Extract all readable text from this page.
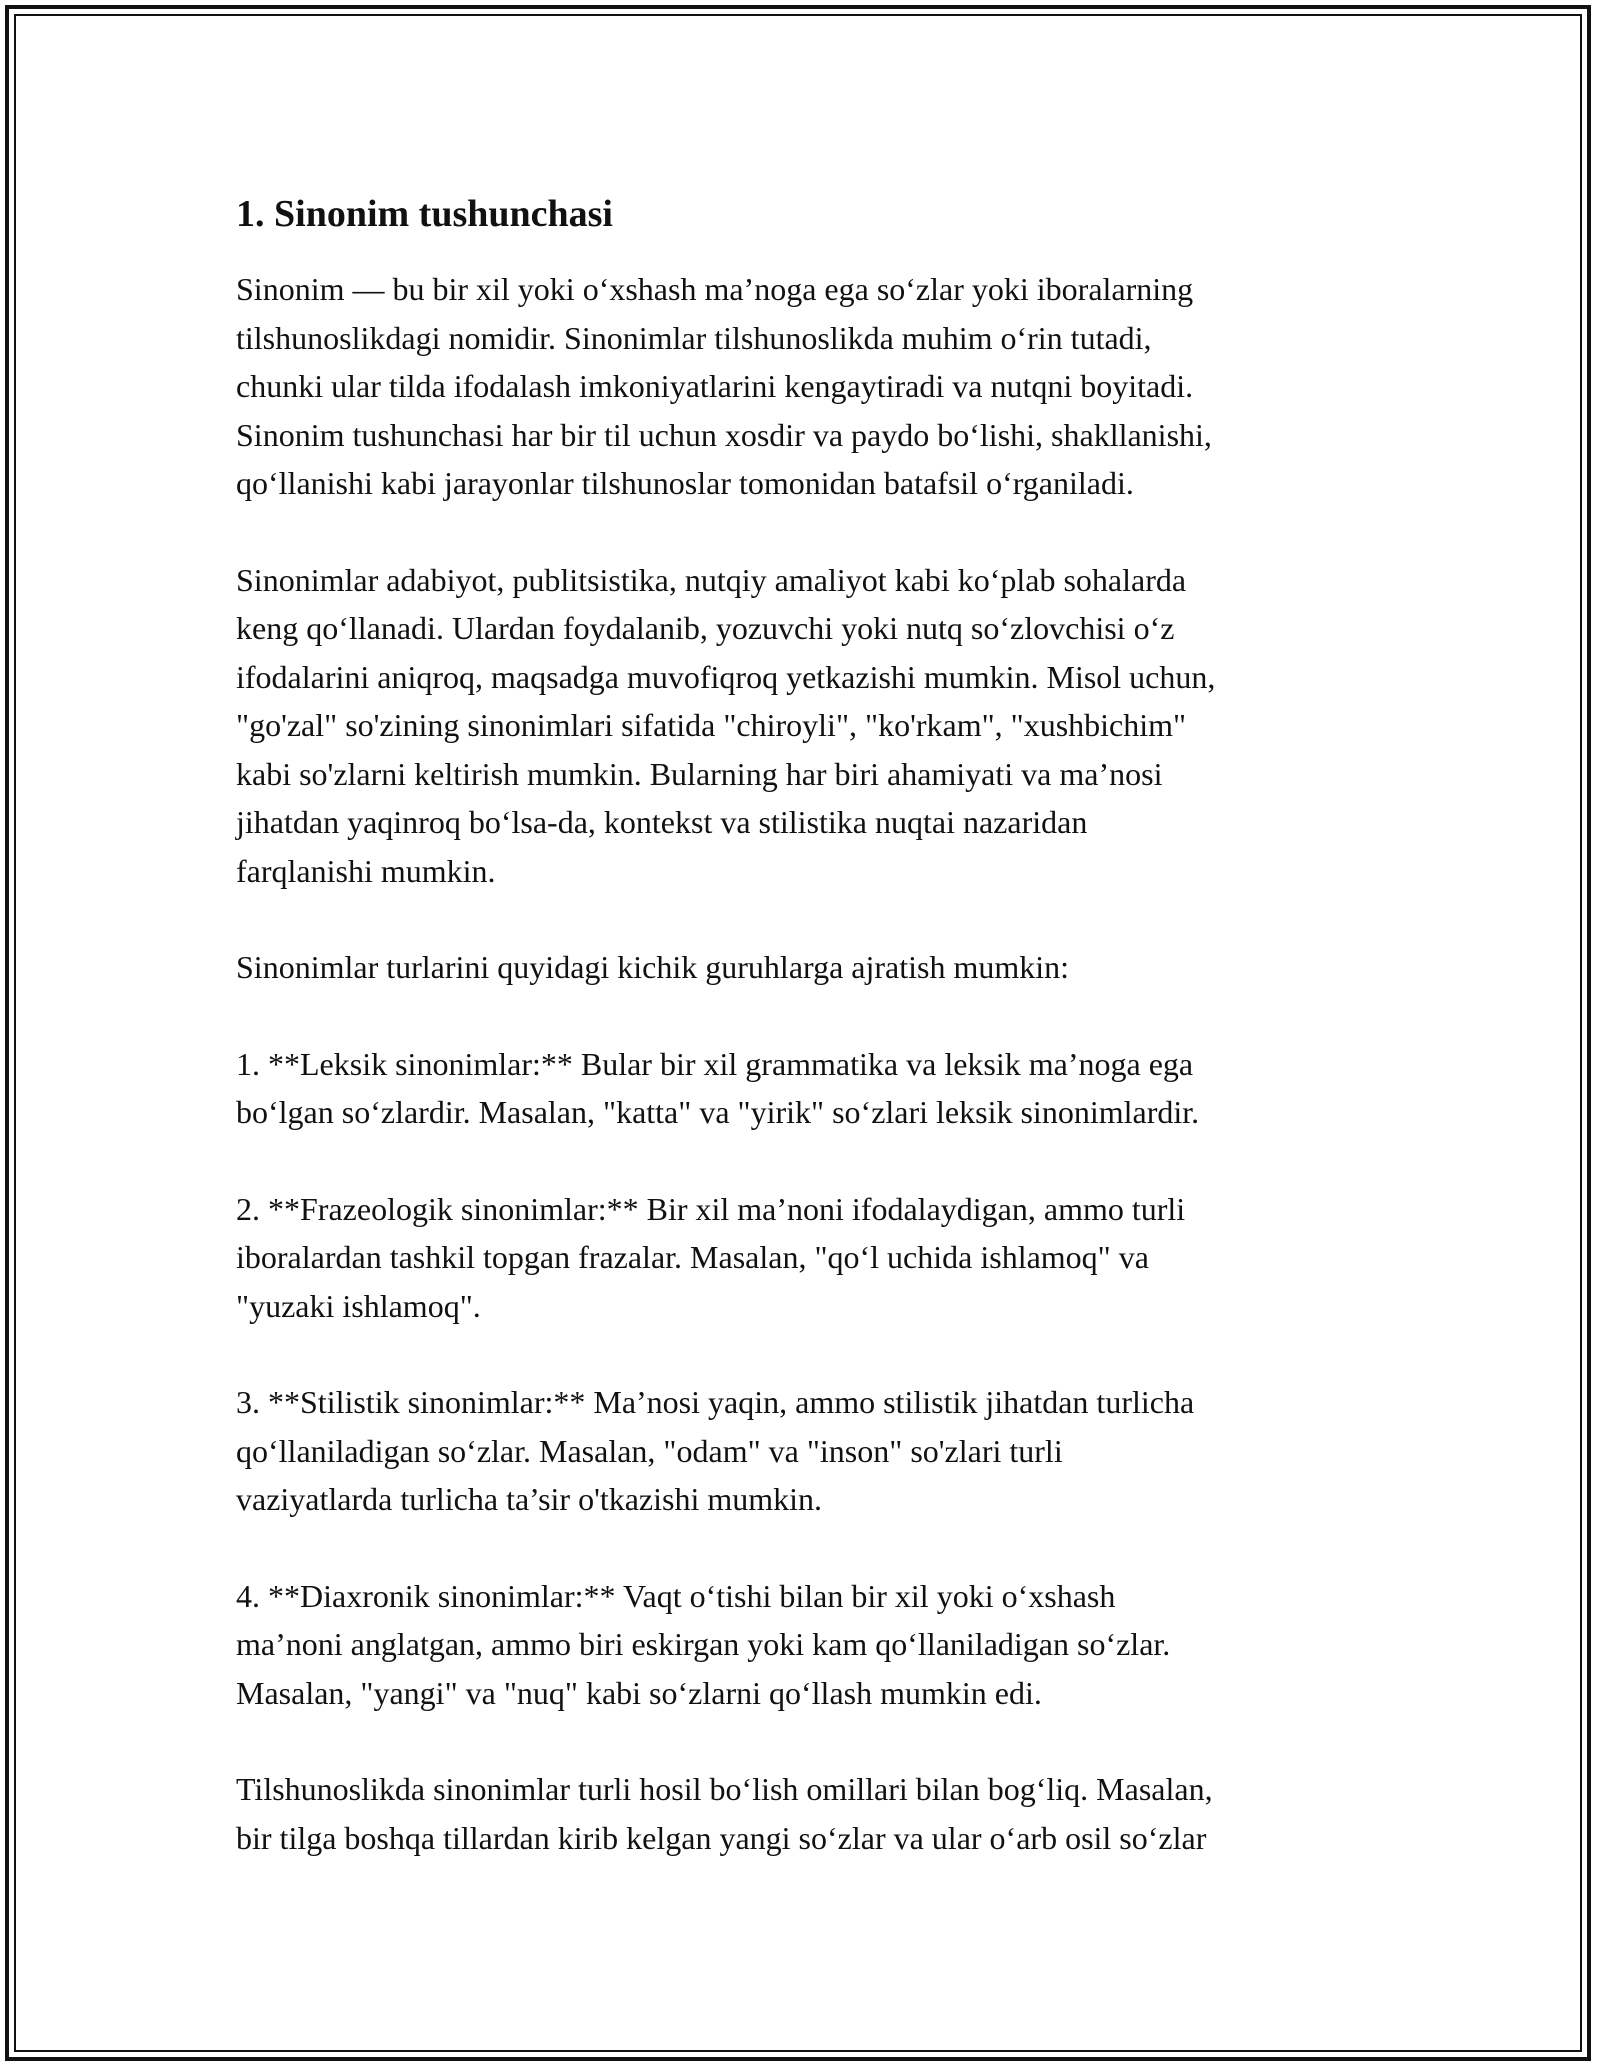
1. Sinonim tushunchasi

Sinonim — bu bir xil yoki o‘xshash ma’noga ega so‘zlar yoki iboralarning
tilshunoslikdagi nomidir. Sinonimlar tilshunoslikda muhim o‘rin tutadi,
chunki ular tilda ifodalash imkoniyatlarini kengaytiradi va nutqni boyitadi.
Sinonim tushunchasi har bir til uchun xosdir va paydo bo‘lishi, shakllanishi,
qo‘llanishi kabi jarayonlar tilshunoslar tomonidan batafsil o‘rganiladi.

Sinonimlar adabiyot, publitsistika, nutqiy amaliyot kabi ko‘plab sohalarda
keng qo‘llanadi. Ulardan foydalanib, yozuvchi yoki nutq so‘zlovchisi o‘z
ifodalarini aniqroq, maqsadga muvofiqroq yetkazishi mumkin. Misol uchun,
"go'zal" so'zining sinonimlari sifatida "chiroyli", "ko'rkam", "xushbichim"
kabi so'zlarni keltirish mumkin. Bularning har biri ahamiyati va ma’nosi
jihatdan yaqinroq bo‘lsa-da, kontekst va stilistika nuqtai nazaridan
farqlanishi mumkin.

Sinonimlar turlarini quyidagi kichik guruhlarga ajratish mumkin:

1. **Leksik sinonimlar:** Bular bir xil grammatika va leksik ma’noga ega
bo‘lgan so‘zlardir. Masalan, "katta" va "yirik" so‘zlari leksik sinonimlardir.

2. **Frazeologik sinonimlar:** Bir xil ma’noni ifodalaydigan, ammo turli
iboralardan tashkil topgan frazalar. Masalan, "qo‘l uchida ishlamoq" va
"yuzaki ishlamoq".

3. **Stilistik sinonimlar:** Ma’nosi yaqin, ammo stilistik jihatdan turlicha
qo‘llaniladigan so‘zlar. Masalan, "odam" va "inson" so'zlari turli
vaziyatlarda turlicha ta’sir o'tkazishi mumkin.

4. **Diaxronik sinonimlar:** Vaqt o‘tishi bilan bir xil yoki o‘xshash
ma’noni anglatgan, ammo biri eskirgan yoki kam qo‘llaniladigan so‘zlar.
Masalan, "yangi" va "nuq" kabi so‘zlarni qo‘llash mumkin edi.

Tilshunoslikda sinonimlar turli hosil bo‘lish omillari bilan bog‘liq. Masalan,
bir tilga boshqa tillardan kirib kelgan yangi so‘zlar va ular o‘arb osil so‘zlar
